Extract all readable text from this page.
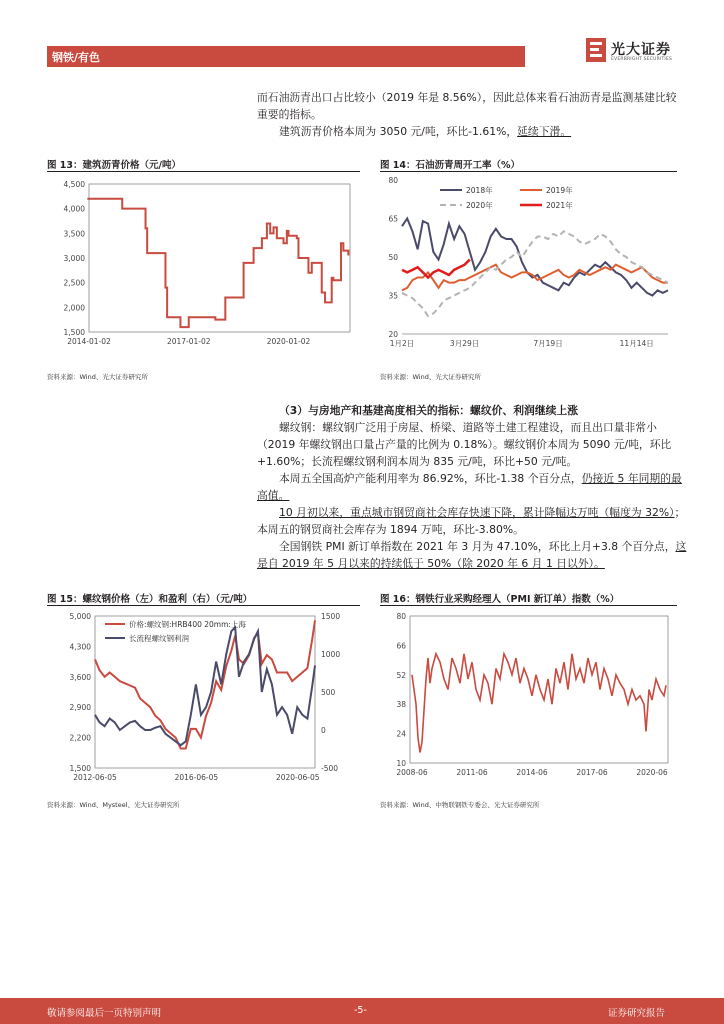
钢铁/有色	光大证券
EVERBRIGHT SECURITIES
而石油沥青出口占比较小（2019 年是 8.56%），因此总体来看石油沥青是监测基建比较重要的指标。
建筑沥青价格本周为 3050 元/吨，环比-1.61%，延续下滑。
图 13：建筑沥青价格（元/吨）
1,500
2,000
2,500
3,000
3,500
4,000
4,500
2014-01-02	2017-01-02	2020-01-02
资料来源：Wind、光大证券研究所
图 14：石油沥青周开工率（%）
20
35
50
65
80
1月2日	3月29日	7月19日	11月14日
2018年	2019年
2020年	2021年
资料来源：Wind、光大证券研究所
（3）与房地产和基建高度相关的指标：螺纹价、利润继续上涨
螺纹钢：螺纹钢广泛用于房屋、桥梁、道路等土建工程建设，而且出口量非常小（2019 年螺纹钢出口量占产量的比例为 0.18%）。螺纹钢价本周为 5090 元/吨，环比+1.60%；长流程螺纹钢利润本周为 835 元/吨，环比+50 元/吨。
本周五全国高炉产能利用率为 86.92%，环比-1.38 个百分点，仍接近 5 年同期的最高值。
10 月初以来，重点城市钢贸商社会库存快速下降，累计降幅达万吨（幅度为 32%）；本周五的钢贸商社会库存为 1894 万吨，环比-3.80%。
全国钢铁 PMI 新订单指数在 2021 年 3 月为 47.10%，环比上月+3.8 个百分点，这是自 2019 年 5 月以来的持续低于 50%（除 2020 年 6 月 1 日以外）。
图 15：螺纹钢价格（左）和盈利（右）（元/吨）
1,500
2,200
2,900
3,600
4,300
5,000
-500
0
500
1000
1500
2012-06-05	2016-06-05	2020-06-05
价格:螺纹钢:HRB400 20mm:上海
长流程螺纹钢利润
资料来源：Wind、Mysteel、光大证券研究所
图 16：钢铁行业采购经理人（PMI 新订单）指数（%）
10
24
38
52
66
80
2008-06	2011-06	2014-06	2017-06	2020-06
资料来源：Wind、中物联钢铁专委会、光大证券研究所
敬请参阅最后一页特别声明	-5-	证券研究报告
